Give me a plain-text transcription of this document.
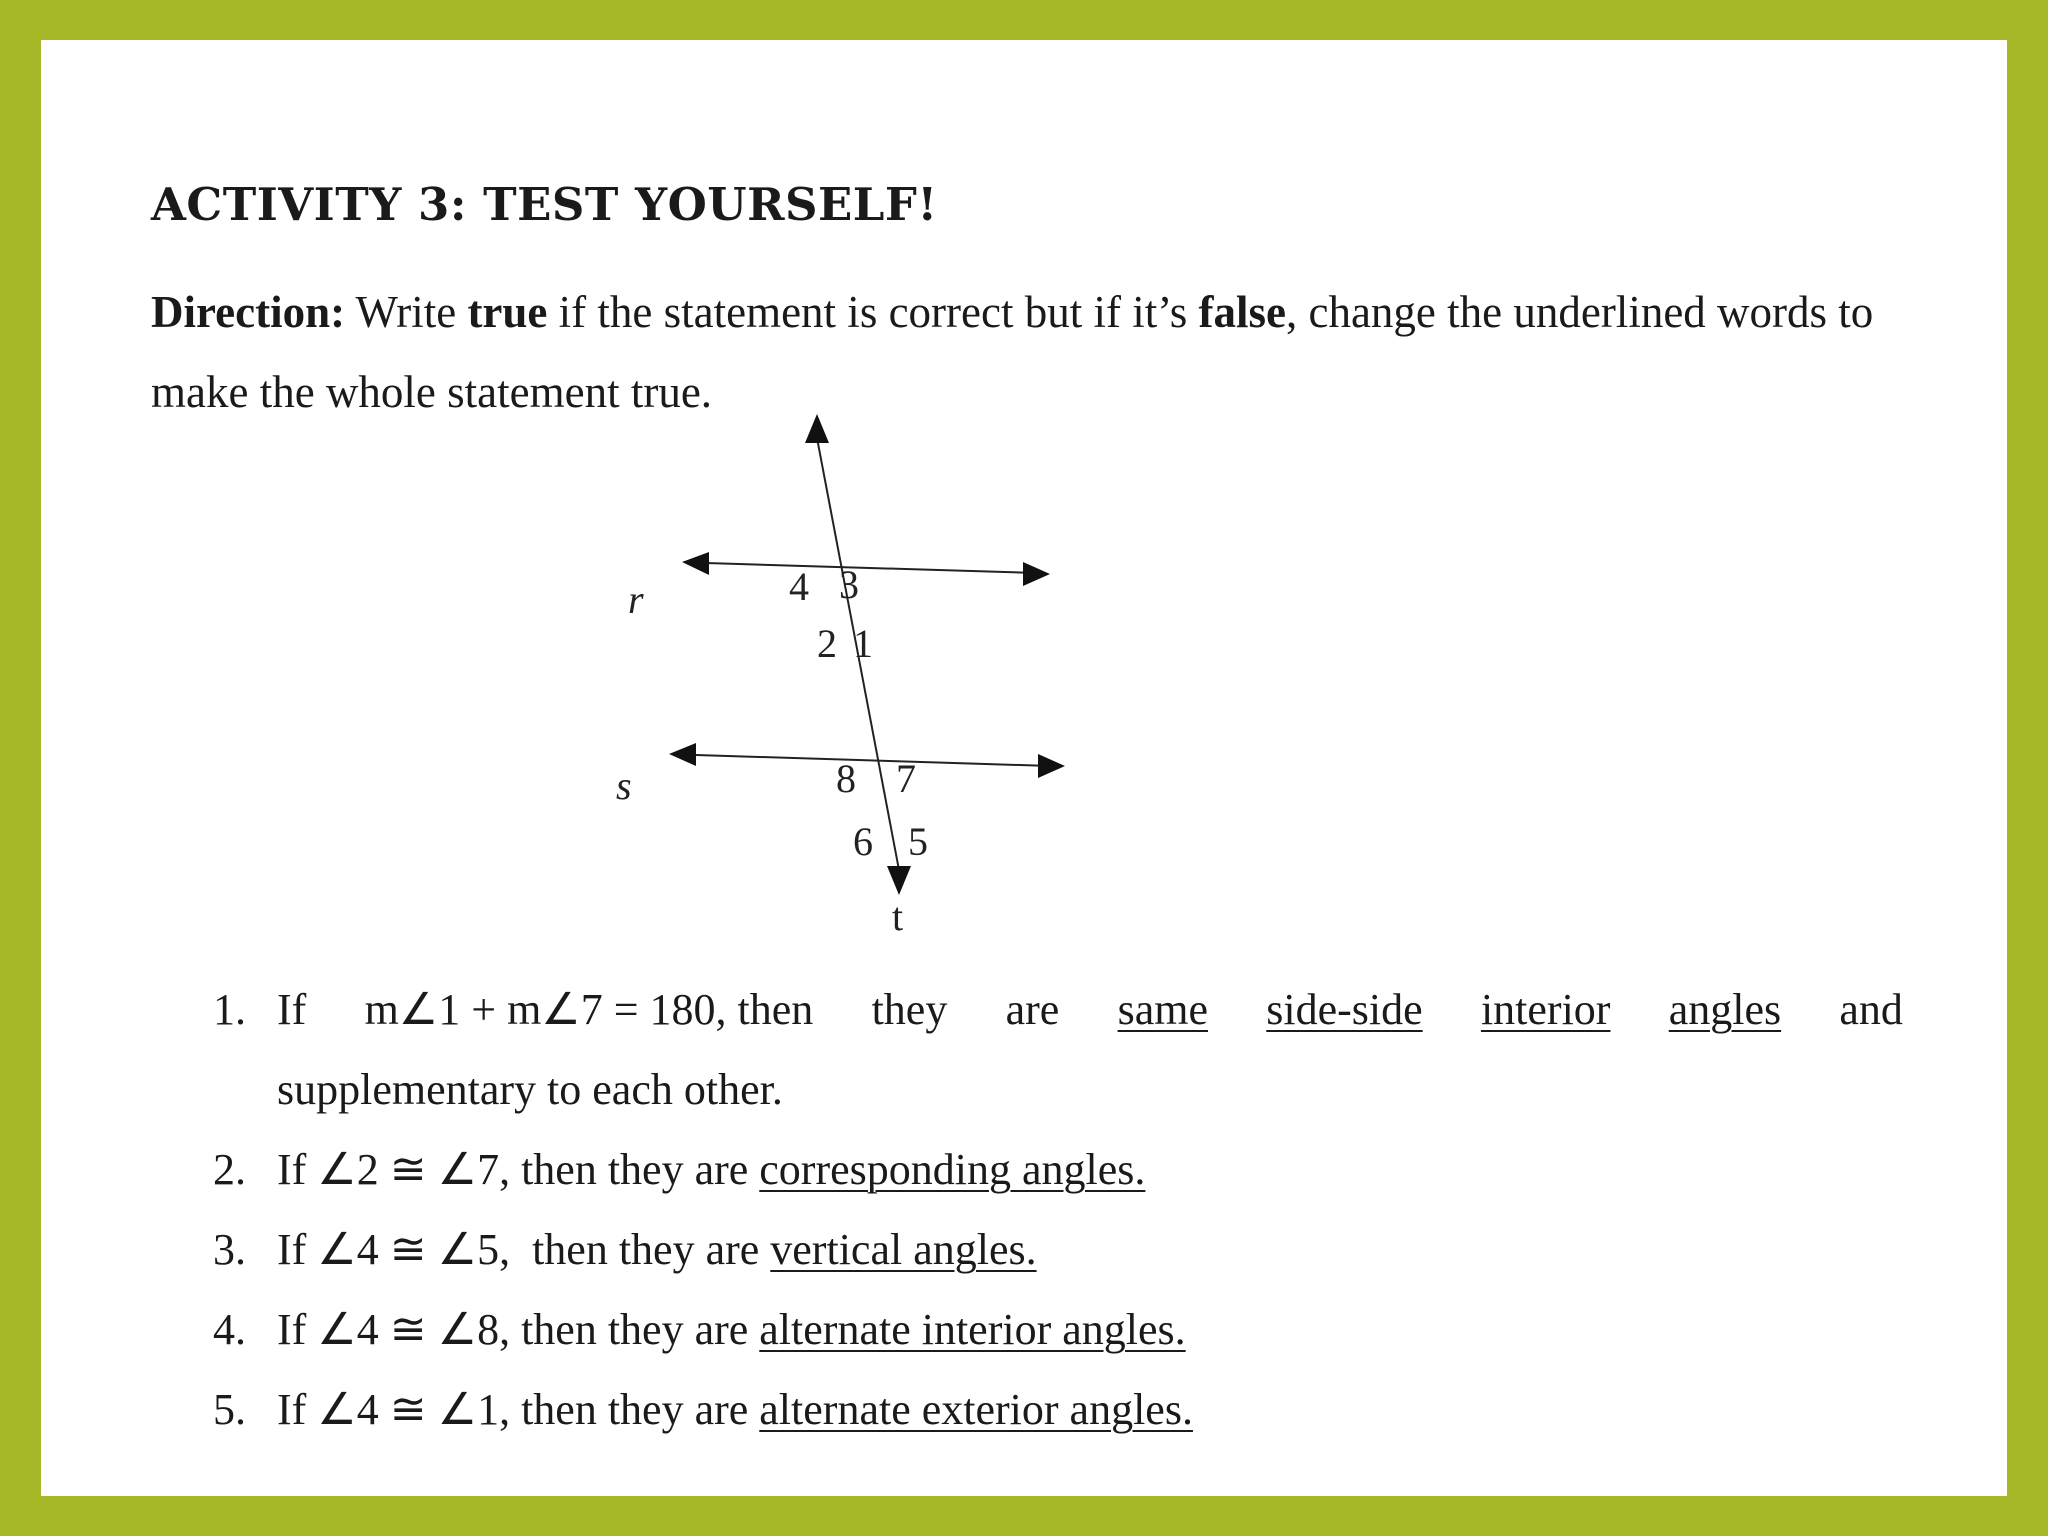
ACTIVITY 3: TEST YOURSELF!

Direction: Write true if the statement is correct but if it’s false, change the underlined words to make the whole statement true.

r
s
t
4 3
2 1
8 7
6 5
1. If m∠1 + m∠7 = 180, then they are same side-side interior angles and
supplementary to each other.
2. If ∠2 ≅ ∠7, then they are corresponding angles.
3. If ∠4 ≅ ∠5,  then they are vertical angles.
4. If ∠4 ≅ ∠8, then they are alternate interior angles.
5. If ∠4 ≅ ∠1, then they are alternate exterior angles.
